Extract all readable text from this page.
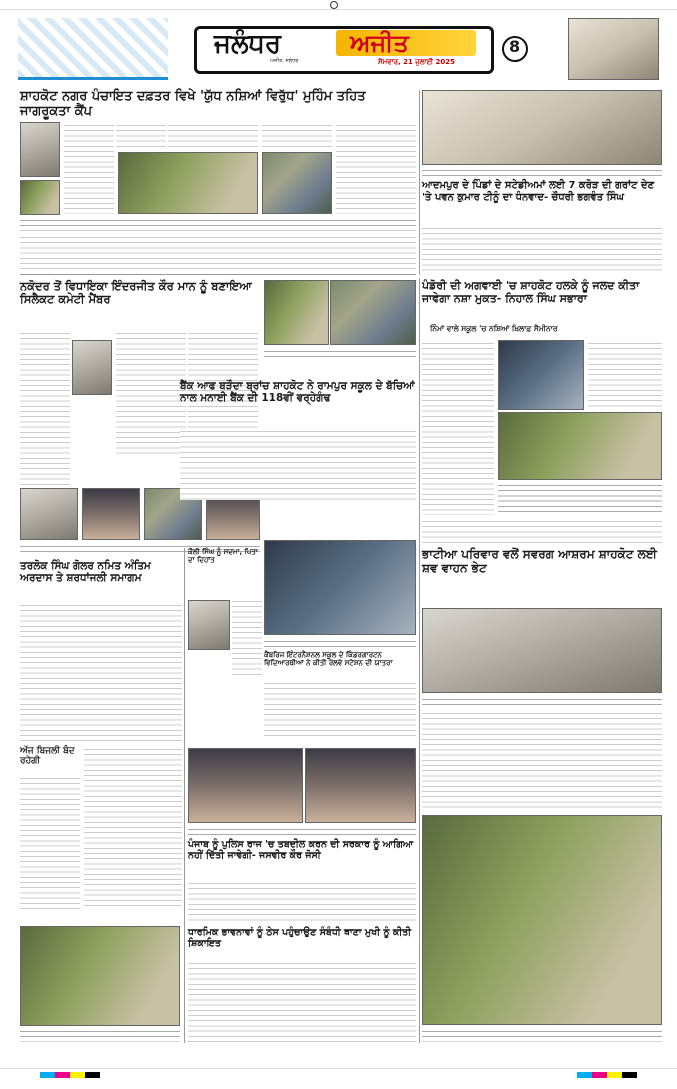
ਜਲੰਧਰ	ਅਜੀਤ
ਅਜੀਤ, ਜਲੰਧਰ	ਸੋਮਵਾਰ, 21 ਜੁਲਾਈ 2025
8
ਸ਼ਾਹਕੋਟ ਨਗਰ ਪੰਚਾਇਤ ਦਫ਼ਤਰ ਵਿਖੇ 'ਯੁੱਧ ਨਸ਼ਿਆਂ ਵਿਰੁੱਧ' ਮੁਹਿੰਮ ਤਹਿਤ ਜਾਗਰੂਕਤਾ ਕੈਂਪ
ਆਦਮਪੁਰ ਦੇ ਪਿੰਡਾਂ ਦੇ ਸਟੇਡੀਅਮਾਂ ਲਈ 7 ਕਰੋੜ ਦੀ ਗਰਾਂਟ ਦੇਣ 'ਤੇ ਪਵਨ ਕੁਮਾਰ ਟੀਨੂੰ ਦਾ ਧੰਨਵਾਦ- ਚੌਧਰੀ ਭਗਵੰਤ ਸਿੰਘ
ਨਕੋਦਰ ਤੋਂ ਵਿਧਾਇਕਾ ਇੰਦਰਜੀਤ ਕੌਰ ਮਾਨ ਨੂੰ ਬਣਾਇਆ ਸਿਲੈਕਟ ਕਮੇਟੀ ਮੈਂਬਰ
ਬੈਂਕ ਆਫ ਬੜੌਦਾ ਬ੍ਰਾਂਚ ਸ਼ਾਹਕੋਟ ਨੇ ਰਾਮਪੁਰ ਸਕੂਲ ਦੇ ਬੱਚਿਆਂ ਨਾਲ ਮਨਾਈ ਬੈਂਕ ਦੀ 118ਵੀਂ ਵਰ੍ਹੇਗੰਢ
ਕੌਲੀ ਸਿੰਘ ਨੂੰ ਸਦਮਾ, ਪਿਤਾ ਦਾ ਦਿਹਾਂਤ
ਕੈਂਬਰਿਜ ਇੰਟਰਨੈਸ਼ਨਲ ਸਕੂਲ ਦੇ ਕਿੰਡਰਗਾਰਟਨ ਵਿਦਿਆਰਥੀਆਂ ਨੇ ਕੀਤੀ ਰੇਲਵੇ ਸਟੇਸ਼ਨ ਦੀ ਯਾਤਰਾ
ਤਰਲੋਕ ਸਿੰਘ ਗੋਲਰ ਨਮਿਤ ਅੰਤਿਮ ਅਰਦਾਸ ਤੇ ਸ਼ਰਧਾਂਜਲੀ ਸਮਾਗਮ
ਅੱਜ ਬਿਜਲੀ ਬੰਦ ਰਹੇਗੀ
ਪੰਜਾਬ ਨੂੰ ਪੁਲਿਸ ਰਾਜ 'ਚ ਤਬਦੀਲ ਕਰਨ ਦੀ ਸਰਕਾਰ ਨੂੰ ਆਗਿਆ ਨਹੀਂ ਦਿੱਤੀ ਜਾਵੇਗੀ- ਜਸਵੀਰ ਕੌਰ ਜੋਸੀ
ਪੰਡੋਰੀ ਦੀ ਅਗਵਾਈ 'ਚ ਸ਼ਾਹਕੋਟ ਹਲਕੇ ਨੂੰ ਜਲਦ ਕੀਤਾ ਜਾਵੇਗਾ ਨਸ਼ਾ ਮੁਕਤ- ਨਿਹਾਲ ਸਿੰਘ ਸਭਾਰਾ
ਨਿੰਮਾਂ ਵਾਲੇ ਸਕੂਲ 'ਚ ਨਸ਼ਿਆਂ ਖ਼ਿਲਾਫ਼ ਸੈਮੀਨਾਰ
ਭਾਟੀਆ ਪਰਿਵਾਰ ਵਲੋਂ ਸਵਰਗ ਆਸ਼ਰਮ ਸ਼ਾਹਕੋਟ ਲਈ ਸ਼ਵ ਵਾਹਨ ਭੇਟ
ਧਾਰਮਿਕ ਭਾਵਨਾਵਾਂ ਨੂੰ ਠੇਸ ਪਹੁੰਚਾਉਣ ਸੰਬੰਧੀ ਥਾਣਾ ਮੁਖੀ ਨੂੰ ਕੀਤੀ ਸ਼ਿਕਾਇਤ
